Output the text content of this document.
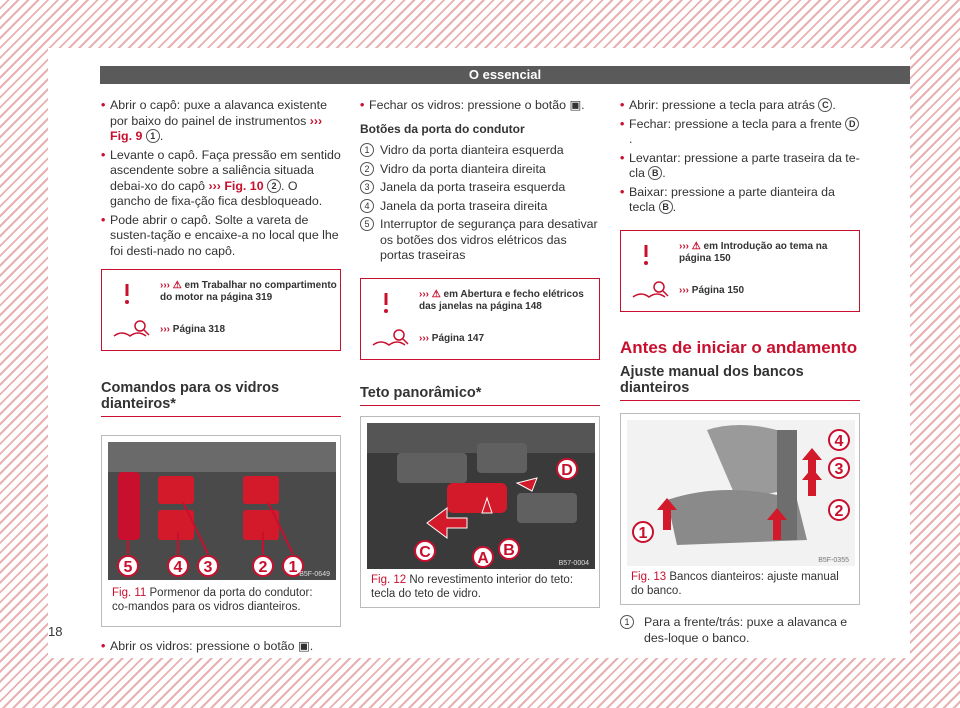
O essencial

• Abrir o capô: puxe a alavanca existente por baixo do painel de instrumentos ››› Fig. 9 1 .

• Levante o capô. Faça pressão em sentido ascendente sobre a saliência situada debai-xo do capô ››› Fig. 10 2 . O gancho de fixa-ção fica desbloqueado.

• Pode abrir o capô. Solte a vareta de susten-tação e encaixe-a no local que lhe foi desti-nado no capô.

››› ⚠ em Trabalhar no compartimento do motor na página 319
››› Página 318
Comandos para os vidros dianteiros*
5	4 3	2 1 B5F-0649
Fig. 11 Pormenor da porta do condutor: co-mandos para os vidros dianteiros.

• Abrir os vidros: pressione o botão ▣.

• Fechar os vidros: pressione o botão ▣.

Botões da porta do condutor
1 Vidro da porta dianteira esquerda
2 Vidro da porta dianteira direita
3 Janela da porta traseira esquerda
4 Janela da porta traseira direita
5 Interruptor de segurança para desativar os botões dos vidros elétricos das portas traseiras
››› ⚠ em Abertura e fecho elétricos das janelas na página 148
››› Página 147
Teto panorâmico*
C	A B
D
B57-0004
Fig. 12 No revestimento interior do teto: tecla do teto de vidro.

• Abrir: pressione a tecla para atrás C .

• Fechar: pressione a tecla para a frente D.

• Levantar: pressione a parte traseira da te-cla B .

• Baixar: pressione a parte dianteira da tecla B .

››› ⚠ em Introdução ao tema na página 150
››› Página 150
Antes de iniciar o andamento
Ajuste manual dos bancos dianteiros
4
3
2
1
B5F-0355
Fig. 13 Bancos dianteiros: ajuste manual do banco.
1	Para a frente/trás: puxe a alavanca e des-loque o banco.
18
